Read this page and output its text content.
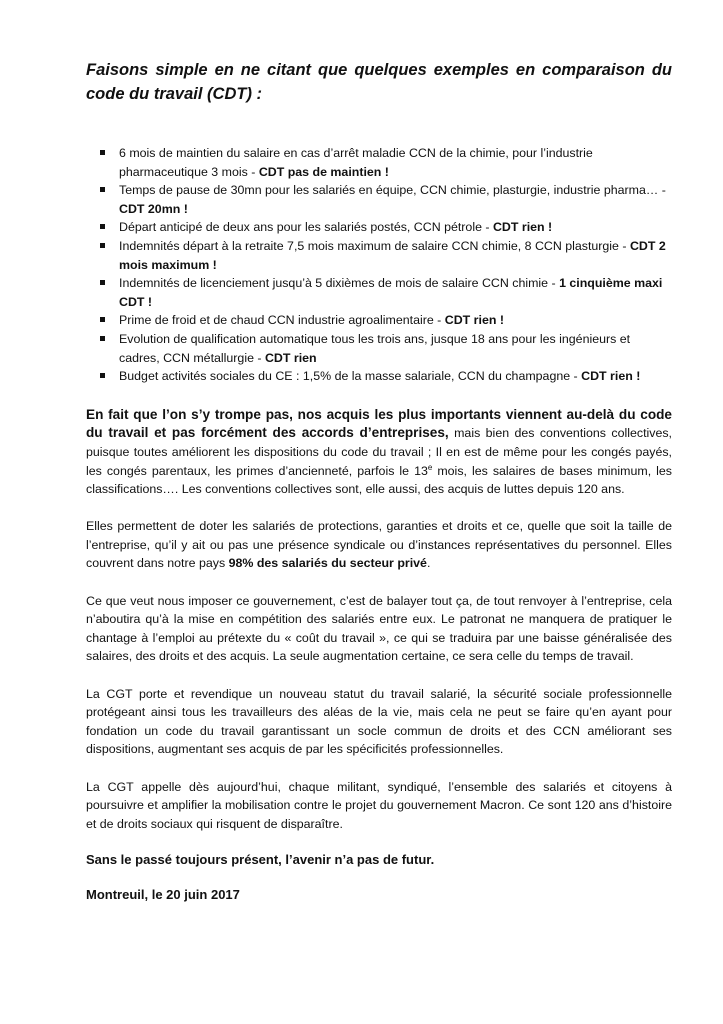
Faisons simple en ne citant que quelques exemples en comparaison du code du travail (CDT) :
6 mois de maintien du salaire en cas d’arrêt maladie CCN de la chimie, pour l’industrie pharmaceutique 3 mois - CDT pas de maintien !
Temps de pause de 30mn pour les salariés en équipe, CCN chimie, plasturgie, industrie pharma… - CDT 20mn !
Départ anticipé de deux ans pour les salariés postés, CCN pétrole - CDT rien !
Indemnités départ à la retraite 7,5 mois maximum de salaire CCN chimie, 8 CCN plasturgie - CDT 2 mois maximum !
Indemnités de licenciement jusqu’à 5 dixièmes de mois de salaire CCN chimie - 1 cinquième maxi CDT !
Prime de froid et de chaud CCN industrie agroalimentaire - CDT rien !
Evolution de qualification automatique tous les trois ans, jusque 18 ans pour les ingénieurs et cadres, CCN métallurgie - CDT rien
Budget activités sociales du CE : 1,5% de la masse salariale, CCN du champagne - CDT rien !

En fait que l’on s’y trompe pas, nos acquis les plus importants viennent au-delà du code du travail et pas forcément des accords d’entreprises, mais bien des conventions collectives, puisque toutes améliorent les dispositions du code du travail ; Il en est de même pour les congés payés, les congés parentaux, les primes d’ancienneté, parfois le 13e mois, les salaires de bases minimum, les classifications…. Les conventions collectives sont, elle aussi, des acquis de luttes depuis 120 ans.

Elles permettent de doter les salariés de protections, garanties et droits et ce, quelle que soit la taille de l’entreprise, qu’il y ait ou pas une présence syndicale ou d’instances représentatives du personnel. Elles couvrent dans notre pays 98% des salariés du secteur privé.

Ce que veut nous imposer ce gouvernement, c’est de balayer tout ça, de tout renvoyer à l’entreprise, cela n’aboutira qu’à la mise en compétition des salariés entre eux. Le patronat ne manquera de pratiquer le chantage à l’emploi au prétexte du « coût du travail », ce qui se traduira par une baisse généralisée des salaires, des droits et des acquis. La seule augmentation certaine, ce sera celle du temps de travail.

La CGT porte et revendique un nouveau statut du travail salarié, la sécurité sociale professionnelle protégeant ainsi tous les travailleurs des aléas de la vie, mais cela ne peut se faire qu’en ayant pour fondation un code du travail garantissant un socle commun de droits et des CCN améliorant ses dispositions, augmentant ses acquis de par les spécificités professionnelles.

La CGT appelle dès aujourd’hui, chaque militant, syndiqué, l’ensemble des salariés et citoyens à poursuivre et amplifier la mobilisation contre le projet du gouvernement Macron. Ce sont 120 ans d’histoire et de droits sociaux qui risquent de disparaître.

Sans le passé toujours présent, l’avenir n’a pas de futur.
Montreuil, le 20 juin 2017
